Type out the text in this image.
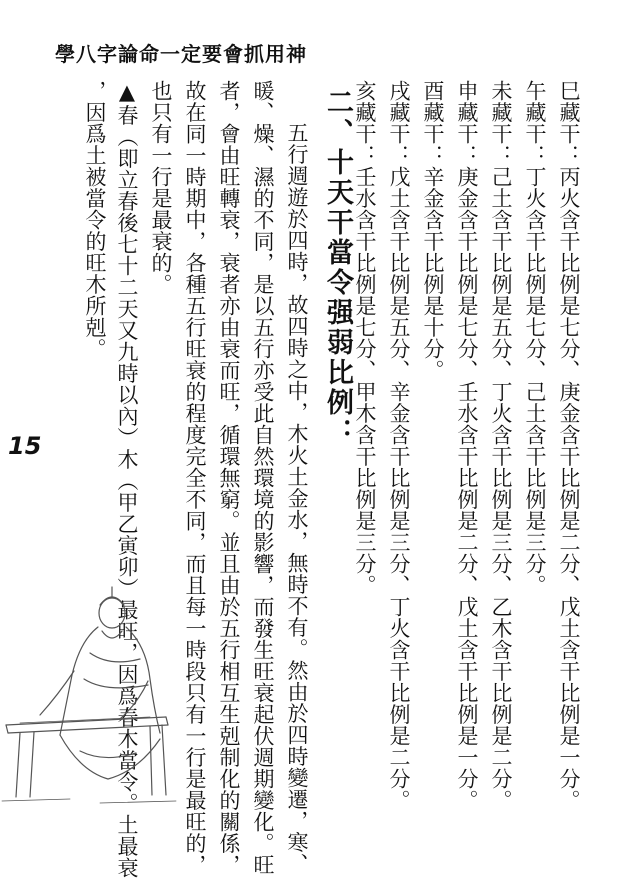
學八字論命一定要會抓用神
巳藏干：丙火含干比例是七分、庚金含干比例是二分、戊土含干比例是一分。
午藏干：丁火含干比例是七分、己土含干比例是三分。
未藏干：己土含干比例是五分、丁火含干比例是三分、乙木含干比例是二分。
申藏干：庚金含干比例是七分、壬水含干比例是二分、戊土含干比例是一分。
酉藏干：辛金含干比例是十分。
戌藏干：戊土含干比例是五分、辛金含干比例是三分、丁火含干比例是二分。
亥藏干：壬水含干比例是七分、甲木含干比例是三分。
二、十天干當令强弱比例：
五行週遊於四時，故四時之中，木火土金水，無時不有。然由於四時變遷，寒、
暖、燥、濕的不同，是以五行亦受此自然環境的影響，而發生旺衰起伏週期變化。旺
者，會由旺轉衰，衰者亦由衰而旺，循環無窮。並且由於五行相互生剋制化的關係，
故在同一時期中，各種五行旺衰的程度完全不同，而且每一時段只有一行是最旺的，
也只有一行是最衰的。
▲春（即立春後七十二天又九時以內）木（甲乙寅卯）最旺，因爲春木當令。土最衰
，因爲土被當令的旺木所剋。
15
